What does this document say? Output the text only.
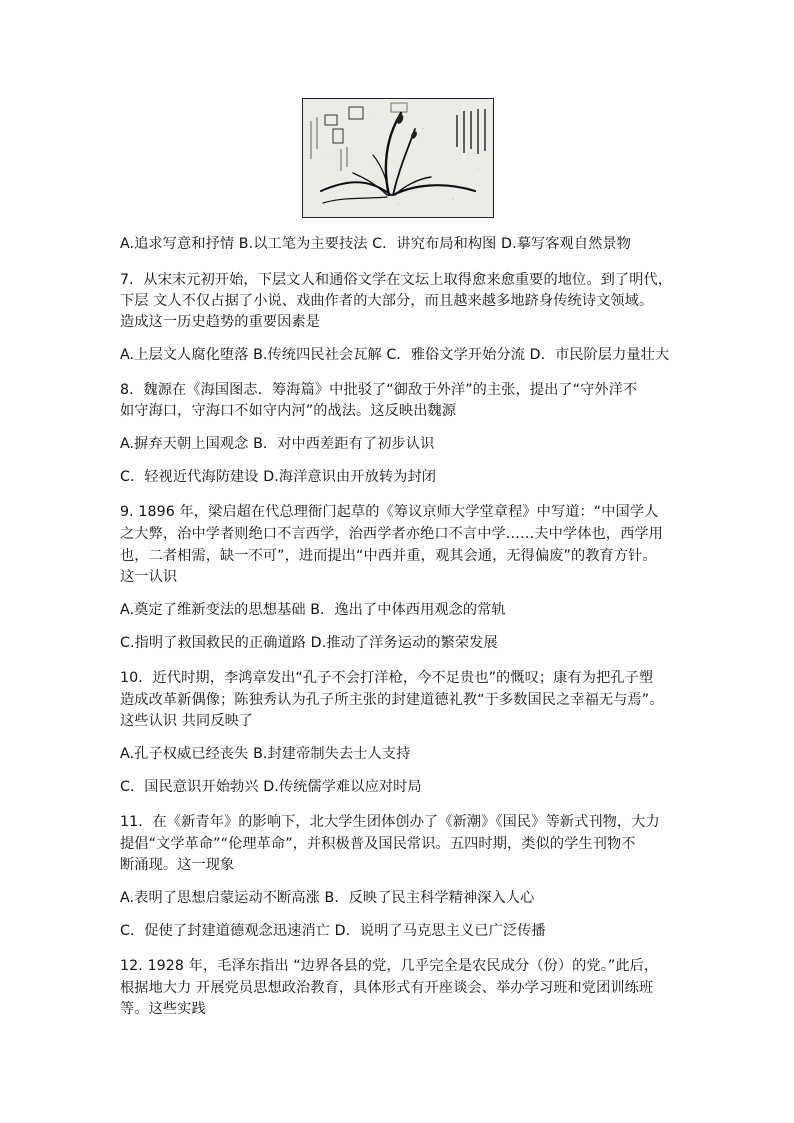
A.追求写意和抒情 B.以工笔为主要技法 C．讲究布局和构图 D.摹写客观自然景物
7．从宋末元初开始，下层文人和通俗文学在文坛上取得愈来愈重要的地位。到了明代，
下层 文人不仅占据了小说、戏曲作者的大部分，而且越来越多地跻身传统诗文领域。
造成这一历史趋势的重要因素是
A.上层文人腐化堕落 B.传统四民社会瓦解 C．雅俗文学开始分流 D．市民阶层力量壮大
8．魏源在《海国图志．筹海篇》中批驳了“御敌于外洋”的主张，提出了“守外洋不
如守海口，守海口不如守内河”的战法。这反映出魏源
A.摒弃天朝上国观念 B．对中西差距有了初步认识
C．轻视近代海防建设 D.海洋意识由开放转为封闭
9. 1896 年，梁启超在代总理衙门起草的《筹议京师大学堂章程》中写道：“中国学人
之大弊，治中学者则绝口不言西学，治西学者亦绝口不言中学……夫中学体也，西学用
也，二者相需，缺一不可”，进而提出“中西并重，观其会通，无得偏废”的教育方针。
这一认识
A.奠定了维新变法的思想基础 B．逸出了中体西用观念的常轨
C.指明了救国救民的正确道路 D.推动了洋务运动的繁荣发展
10．近代时期，李鸿章发出“孔子不会打洋枪，今不足贵也”的慨叹；康有为把孔子塑
造成改革新偶像；陈独秀认为孔子所主张的封建道德礼教“于多数国民之幸福无与焉”。
这些认识 共同反映了
A.孔子权威已经丧失 B.封建帝制失去士人支持
C．国民意识开始勃兴 D.传统儒学难以应对时局
11．在《新青年》的影响下，北大学生团体创办了《新潮》《国民》等新式刊物，大力
提倡“文学革命”“伦理革命”，并积极普及国民常识。五四时期，类似的学生刊物不
断涌现。这一现象
A.表明了思想启蒙运动不断高涨 B．反映了民主科学精神深入人心
C．促使了封建道德观念迅速消亡 D．说明了马克思主义已广泛传播
12. 1928 年，毛泽东指出 “边界各县的党，几乎完全是农民成分（份）的党。”此后，
根据地大力 开展党员思想政治教育，具体形式有开座谈会、举办学习班和党团训练班
等。这些实践
